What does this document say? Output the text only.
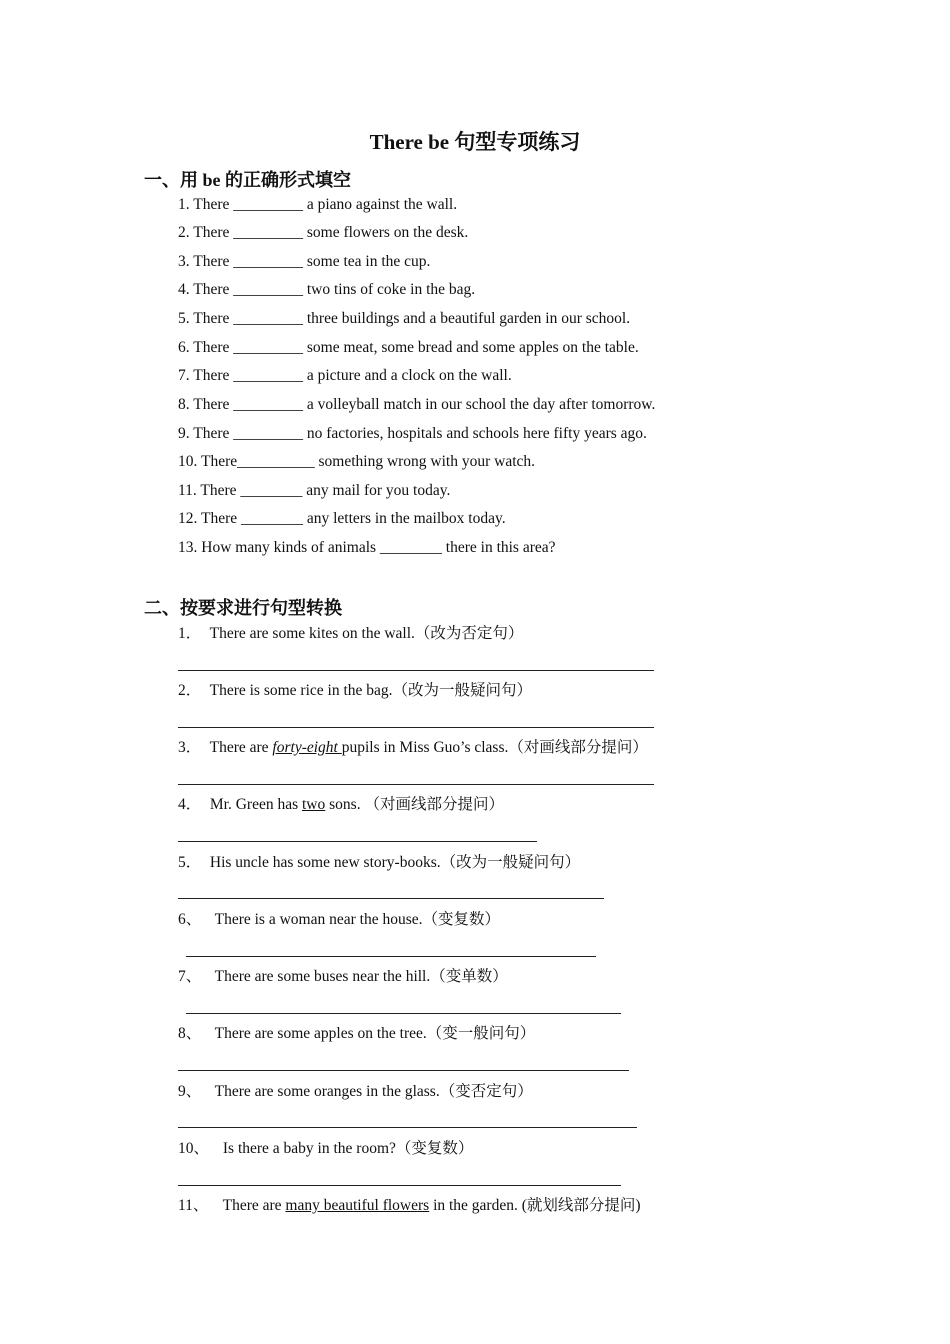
There be 句型专项练习
一、用 be 的正确形式填空
1. There _________ a piano against the wall.
2. There _________ some flowers on the desk.
3. There _________ some tea in the cup.
4. There _________ two tins of coke in the bag.
5. There _________ three buildings and a beautiful garden in our school.
6. There _________ some meat, some bread and some apples on the table.
7. There _________ a picture and a clock on the wall.
8. There _________ a volleyball match in our school the day after tomorrow.
9. There _________ no factories, hospitals and schools here fifty years ago.
10. There__________ something wrong with your watch.
11. There ________ any mail for you today.
12. There ________ any letters in the mailbox today.
13. How many kinds of animals ________ there in this area?
二、按要求进行句型转换
1． There are some kites on the wall.（改为否定句）
2． There is some rice in the bag.（改为一般疑问句）
3． There are forty-eight pupils in Miss Guo’s class.（对画线部分提问）
4． Mr. Green has two sons. （对画线部分提问）
5． His uncle has some new story-books.（改为一般疑问句）
6、 There is a woman near the house.（变复数）
7、 There are some buses near the hill.（变单数）
8、 There are some apples on the tree.（变一般问句）
9、 There are some oranges in the glass.（变否定句）
10、 Is there a baby in the room?（变复数）
11、 There are many beautiful flowers in the garden. (就划线部分提问)
